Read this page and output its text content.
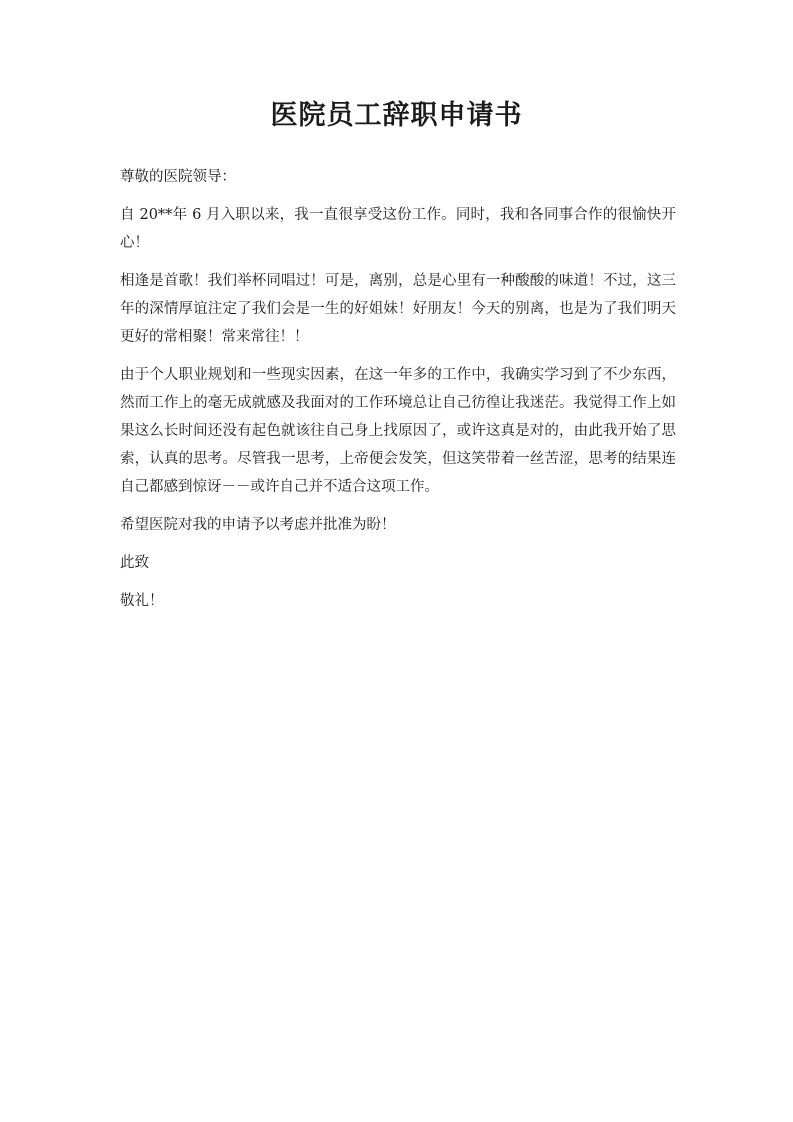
医院员工辞职申请书

尊敬的医院领导：

自 20**年 6 月入职以来，我一直很享受这份工作。同时，我和各同事合作的很愉快开心！

相逢是首歌！我们举杯同唱过！可是，离别，总是心里有一种酸酸的味道！不过，这三年的深情厚谊注定了我们会是一生的好姐妹！好朋友！今天的别离，也是为了我们明天更好的常相聚！常来常往！！

由于个人职业规划和一些现实因素，在这一年多的工作中，我确实学习到了不少东西，然而工作上的毫无成就感及我面对的工作环境总让自己彷徨让我迷茫。我觉得工作上如果这么长时间还没有起色就该往自己身上找原因了，或许这真是对的，由此我开始了思索，认真的思考。尽管我一思考，上帝便会发笑，但这笑带着一丝苦涩，思考的结果连自己都感到惊讶－－或许自己并不适合这项工作。

希望医院对我的申请予以考虑并批准为盼！

此致

敬礼！
